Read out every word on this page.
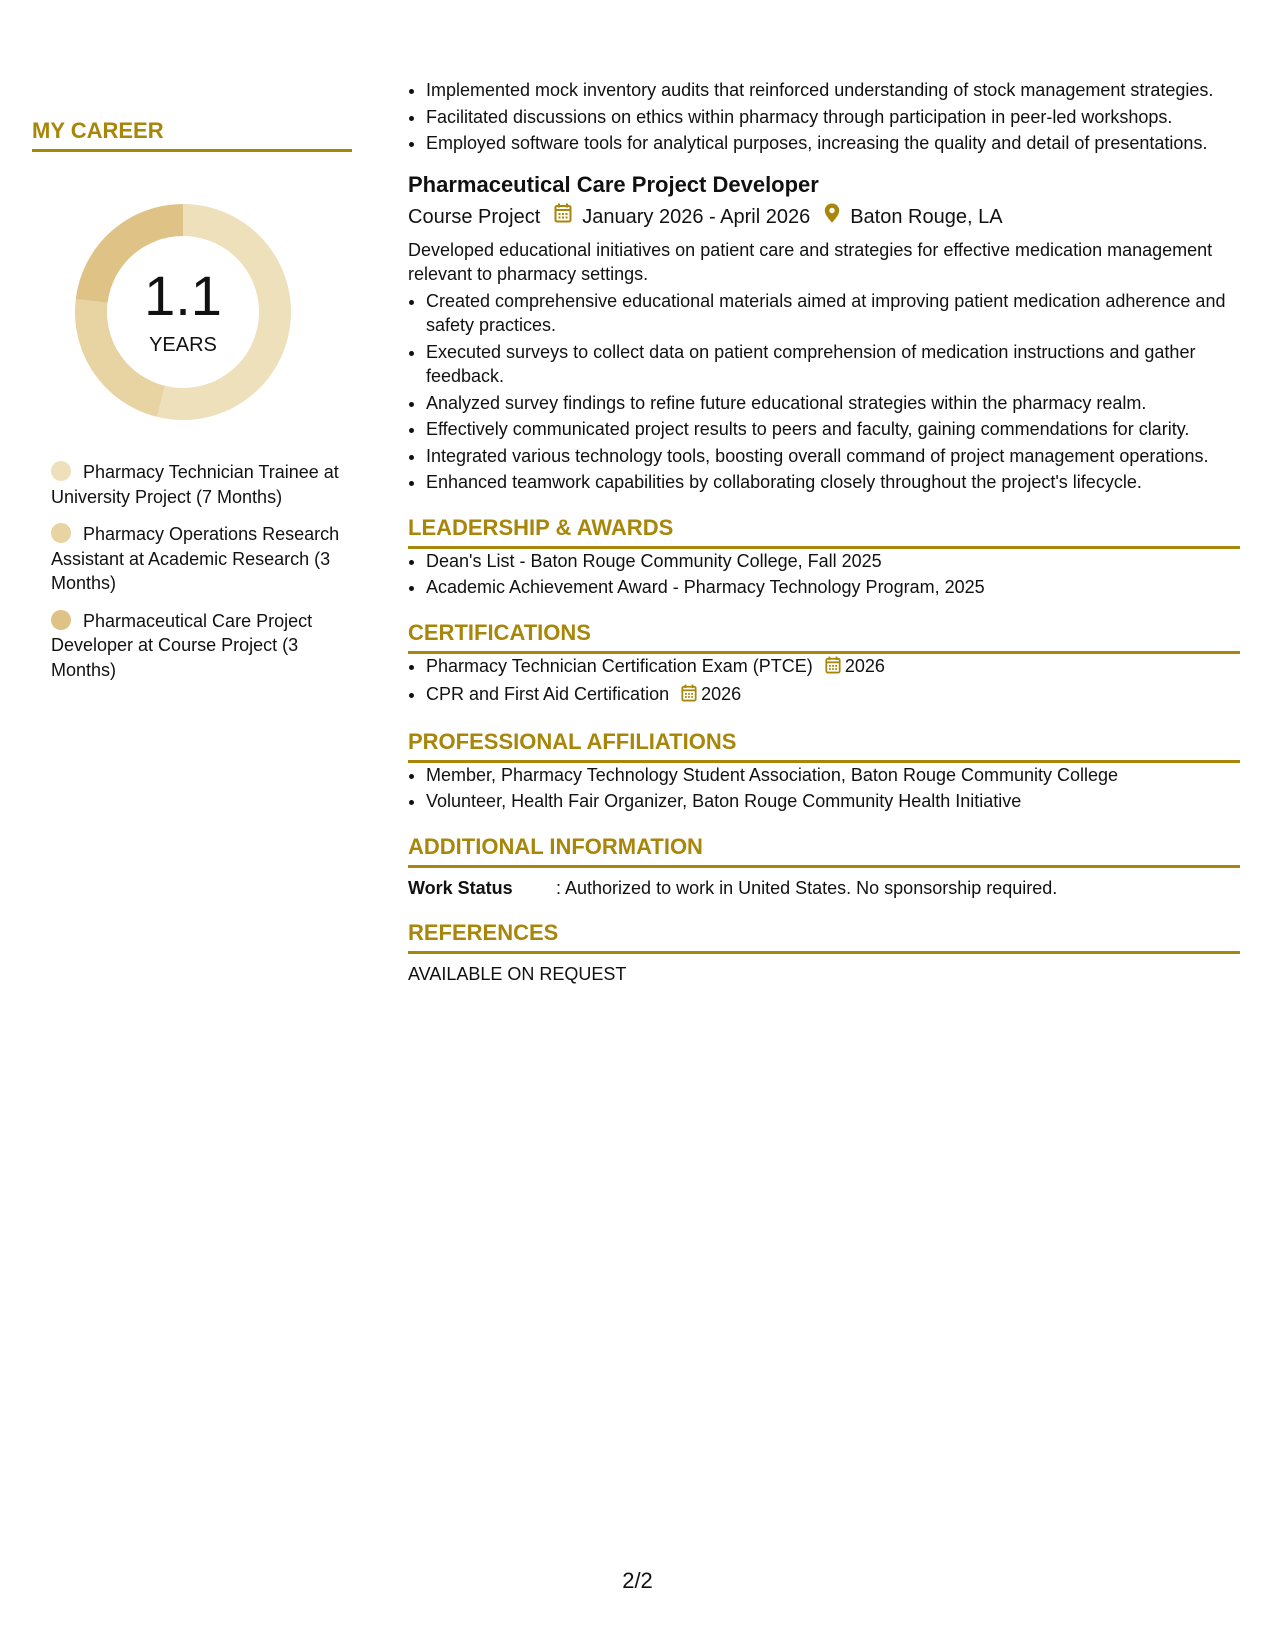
MY CAREER
1.1
YEARS
Pharmacy Technician Trainee at University Project (7 Months)
Pharmacy Operations Research Assistant at Academic Research (3 Months)
Pharmaceutical Care Project Developer at Course Project (3 Months)
• Implemented mock inventory audits that reinforced understanding of stock management strategies.
• Facilitated discussions on ethics within pharmacy through participation in peer-led workshops.
• Employed software tools for analytical purposes, increasing the quality and detail of presentations.
Pharmaceutical Care Project Developer
Course Project January 2026 - April 2026 Baton Rouge, LA
Developed educational initiatives on patient care and strategies for effective medication management relevant to pharmacy settings.
• Created comprehensive educational materials aimed at improving patient medication adherence and safety practices.
• Executed surveys to collect data on patient comprehension of medication instructions and gather feedback.
• Analyzed survey findings to refine future educational strategies within the pharmacy realm.
• Effectively communicated project results to peers and faculty, gaining commendations for clarity.
• Integrated various technology tools, boosting overall command of project management operations.
• Enhanced teamwork capabilities by collaborating closely throughout the project's lifecycle.
LEADERSHIP & AWARDS
• Dean's List - Baton Rouge Community College, Fall 2025
• Academic Achievement Award - Pharmacy Technology Program, 2025
CERTIFICATIONS
• Pharmacy Technician Certification Exam (PTCE) 2026
• CPR and First Aid Certification 2026
PROFESSIONAL AFFILIATIONS
• Member, Pharmacy Technology Student Association, Baton Rouge Community College
• Volunteer, Health Fair Organizer, Baton Rouge Community Health Initiative
ADDITIONAL INFORMATION
Work Status	: Authorized to work in United States. No sponsorship required.
REFERENCES
AVAILABLE ON REQUEST
2/2
